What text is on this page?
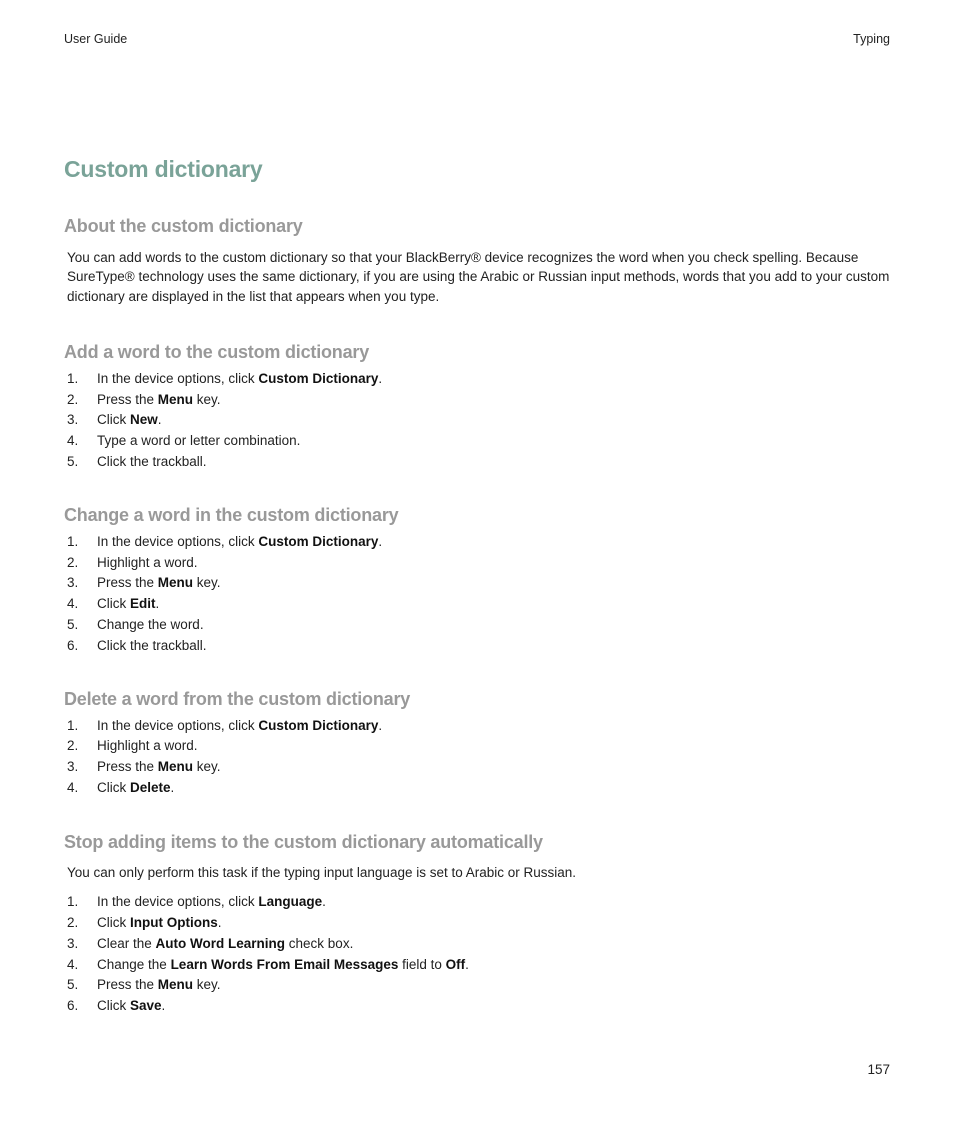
User Guide	Typing
Custom dictionary
About the custom dictionary

You can add words to the custom dictionary so that your BlackBerry® device recognizes the word when you check spelling. Because SureType® technology uses the same dictionary, if you are using the Arabic or Russian input methods, words that you add to your custom dictionary are displayed in the list that appears when you type.

Add a word to the custom dictionary
1.	In the device options, click Custom Dictionary.
2.	Press the Menu key.
3.	Click New.
4.	Type a word or letter combination.
5.	Click the trackball.
Change a word in the custom dictionary
1.	In the device options, click Custom Dictionary.
2.	Highlight a word.
3.	Press the Menu key.
4.	Click Edit.
5.	Change the word.
6.	Click the trackball.
Delete a word from the custom dictionary
1.	In the device options, click Custom Dictionary.
2.	Highlight a word.
3.	Press the Menu key.
4.	Click Delete.
Stop adding items to the custom dictionary automatically

You can only perform this task if the typing input language is set to Arabic or Russian.

1.	In the device options, click Language.
2.	Click Input Options.
3.	Clear the Auto Word Learning check box.
4.	Change the Learn Words From Email Messages field to Off.
5.	Press the Menu key.
6.	Click Save.
157
